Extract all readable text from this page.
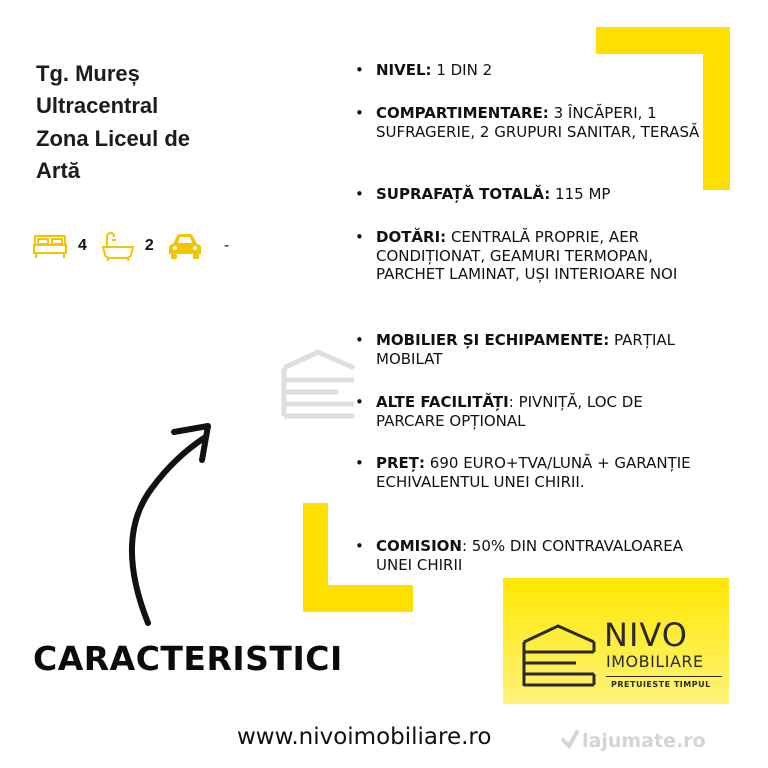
Tg. Mureș
Ultracentral
Zona Liceul de
Artă
4	2	-
• NIVEL: 1 DIN 2
• COMPARTIMENTARE: 3 ÎNCĂPERI, 1 SUFRAGERIE, 2 GRUPURI SANITAR, TERASĂ
• SUPRAFAȚĂ TOTALĂ: 115 MP
• DOTĂRI: CENTRALĂ PROPRIE, AER CONDIȚIONAT, GEAMURI TERMOPAN, PARCHET LAMINAT, UȘI INTERIOARE NOI
• MOBILIER ȘI ECHIPAMENTE: PARȚIAL MOBILAT
• ALTE FACILITĂȚI: PIVNIȚĂ, LOC DE PARCARE OPȚIONAL
• PREȚ: 690 EURO+TVA/LUNĂ + GARANȚIE ECHIVALENTUL UNEI CHIRII.
• COMISION: 50% DIN CONTRAVALOAREA UNEI CHIRII
CARACTERISTICI
www.nivoimobiliare.ro
NIVO
IMOBILIARE
PRETUIESTE TIMPUL
lajumate.ro
